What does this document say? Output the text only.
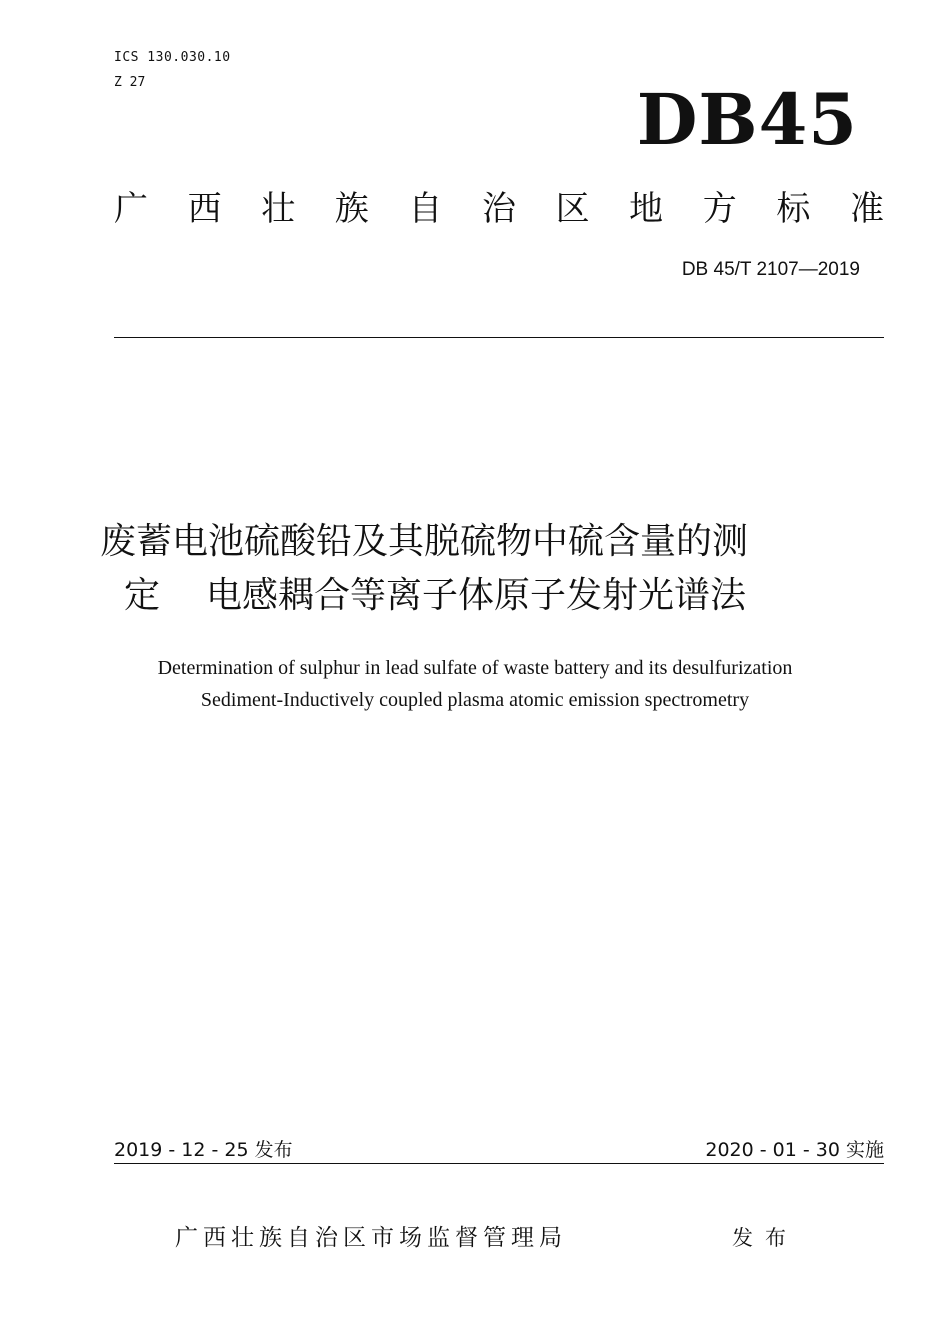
ICS 130.030.10
Z 27	DB45
广 西 壮 族 自 治 区 地 方 标 准
DB 45/T 2107—2019
废蓄电池硫酸铅及其脱硫物中硫含量的测
定 电感耦合等离子体原子发射光谱法
Determination of sulphur in lead sulfate of waste battery and its desulfurization
Sediment-Inductively coupled plasma atomic emission spectrometry
2019 - 12 - 25 发布	2020 - 01 - 30 实施
广西壮族自治区市场监督管理局	发布
